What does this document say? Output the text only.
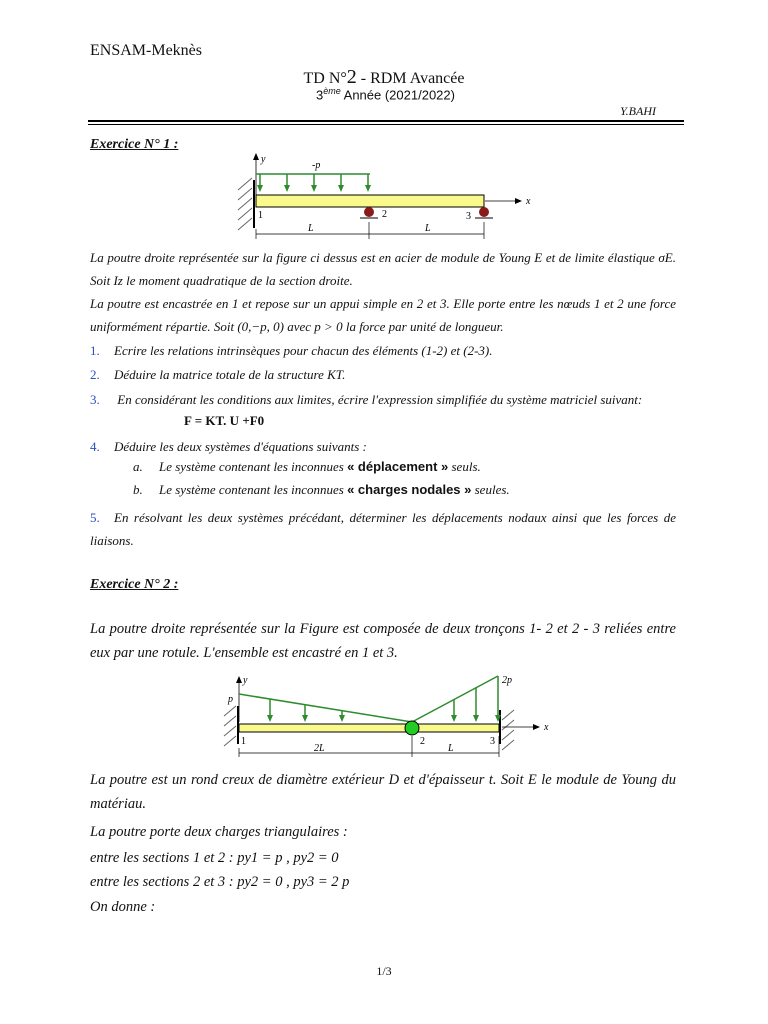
ENSAM-Meknès
TD N°2 - RDM Avancée
3ème Année (2021/2022)
Y.BAHI
Exercice N° 1 :
y
x
-p
1	2	3
L	L
La poutre droite représentée sur la figure ci dessus est en acier de module de Young E et de limite élastique σE. Soit Iz le moment quadratique de la section droite.
La poutre est encastrée en 1 et repose sur un appui simple en 2 et 3. Elle porte entre les nœuds 1 et 2 une force uniformément répartie. Soit (0,−p, 0) avec p > 0 la force par unité de longueur.
1. Ecrire les relations intrinsèques pour chacun des éléments (1-2) et (2-3).
2. Déduire la matrice totale de la structure KT.
3. En considérant les conditions aux limites, écrire l'expression simplifiée du système matriciel suivant:
F = KT. U +F0
4. Déduire les deux systèmes d'équations suivants :
a. Le système contenant les inconnues « déplacement » seuls.
b. Le système contenant les inconnues « charges nodales » seules.
5. En résolvant les deux systèmes précédant, déterminer les déplacements nodaux ainsi que les forces de liaisons.
Exercice N° 2 :
La poutre droite représentée sur la Figure est composée de deux tronçons 1- 2 et 2 - 3 reliées entre eux par une rotule. L'ensemble est encastré en 1 et 3.
y
x
p
2p
1	2	3
2L	L
La poutre est un rond creux de diamètre extérieur D et d'épaisseur t. Soit E le module de Young du matériau.
La poutre porte deux charges triangulaires :
entre les sections 1 et 2 : py1 = p , py2 = 0
entre les sections 2 et 3 : py2 = 0 , py3 = 2 p
On donne :
1/3
